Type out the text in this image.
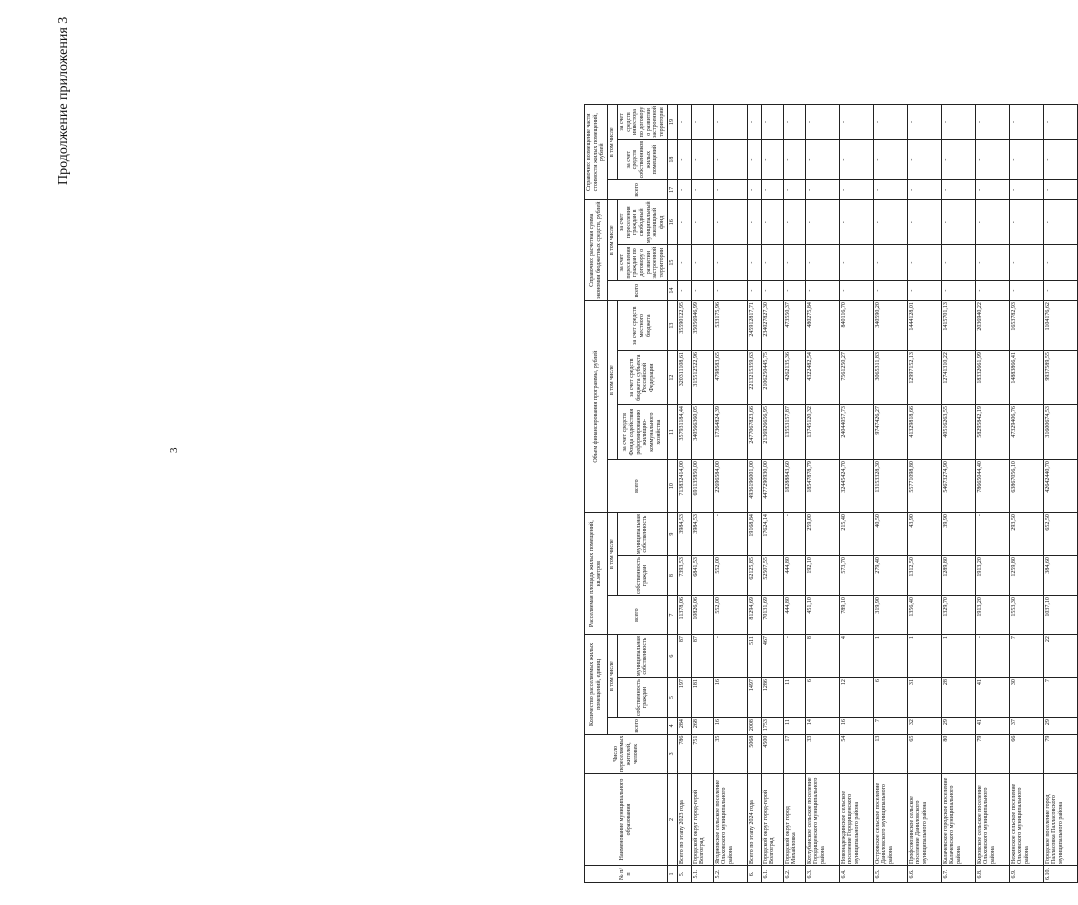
3
Продолжение приложения 3
№ п/п	Наименование муниципального образования	Число переселяемых жителей, человек	Количество расселяемых жилых помещений, единиц			Расселяемая площадь жилых помещений, кв.метров			Объем финансирования программы, рублей				Справочно: расчетная сумма экономии бюджетных средств, рублей			Справочно: возмещение части стоимости жилых помещений, рублей		
			всего	в том числе		всего	в том числе		всего	в том числе			всего	в том числе		всего	в том числе	
				собственность граждан	муниципальная собственность		собственность граждан	муниципальная собственность		за счет средств Фонда содействия реформированию жилищно-коммунального хозяйства	за счет средств бюджета субъекта Российской Федерации	за счет средств местного бюджета		за счет переселения граждан по договору о развитии застроенной территории	за счет переселения граждан в свободный муниципальный жилищный фонд		за счет средств собственников жилых помещений	за счет средств инвестора по договору о развитии застроенной территории
1	2	3	4	5	6	7	8	9	10	11	12	13	14	15	16	17	18	19
5.	Всего по этапу 2023 года	786	284	197	87	11378,06	7393,53	3984,53	713832414,00	357931184,44	320311108,61	35590122,95	-	-	-	-	-	-
5.1.	Городской округ город-герой Волгоград	751	268	181	87	10826,06	6841,53	3984,53	691135850,00	340566360,05	315512522,96	35056946,99	-	-	-	-	-	-
5.2.	Ягодновское сельское поселение Ольховского муниципального района	35	16	16	-	552,00	552,00	-	22696584,00	17364824,39	4798583,65	533175,96	-	-	-	-	-	-
6.	Всего по этапу 2024 года	5068	2008	1497	511	81294,69	62125,85	19168,84	4936196001,00	2477067823,66	2213215359,63	245912817,71	-	-	-	-	-	-
6.1.	Городской округ город-герой Волгоград	4500	1753	1286	467	70131,69	52507,55	17624,14	4477290930,00	2136926656,95	2106250445,75	234027827,30	-	-	-	-	-	-
6.2.	Городской округ город Михайловка	17	11	11	-	444,80	444,80	-	18288843,60	13553157,87	4262135,36	473550,37	-	-	-	-	-	-
6.3.	Котлубанское сельское поселение Городищенского муниципального района	33	14	6	8	451,10	192,10	259,00	18547878,79	13745120,32	4322482,54	480275,84	-	-	-	-	-	-
6.4.	Новонадеждинское сельское поселение Городищенского муниципального района	54	16	12	4	789,10	573,70	215,40	32445424,70	24044057,73	7561250,27	840116,70	-	-	-	-	-	-
6.5.	Островское сельское поселение Даниловского муниципального района	13	7	6	1	319,90	279,40	40,50	13153328,30	9747426,27	3065311,83	340590,20	-	-	-	-	-	-
6.6.	Профсоюзинское сельское поселение Даниловского муниципального района	65	32	31	1	1356,40	1312,50	43,90	55771098,80	41329818,66	12997152,13	1444128,01	-	-	-	-	-	-
6.7.	Калачевское городское поселение Калачевского муниципального района	80	29	28	1	1329,70	1289,80	39,90	54673274,90	40516263,55	12741310,22	1415701,13	-	-	-	-	-	-
6.8.	Кировское сельское поселение Ольховского муниципального района	79	41	41	-	1913,20	1913,20	-	78665044,40	58295842,19	18332661,99	2036940,22	-	-	-	-	-	-
6.9.	Нежинское сельское поселение Ольховского муниципального района	66	37	30	7	1553,30	1259,80	293,50	63867056,10	47329406,76	14883866,41	1653782,93	-	-	-	-	-	-
6.10.	Городское поселение город Палласовка Палласовского муниципального района	79	29	7	22	1037,10	384,60	652,50	42642440,70	31600674,53	9937589,55	1104176,62	-	-	-	-	-	-
